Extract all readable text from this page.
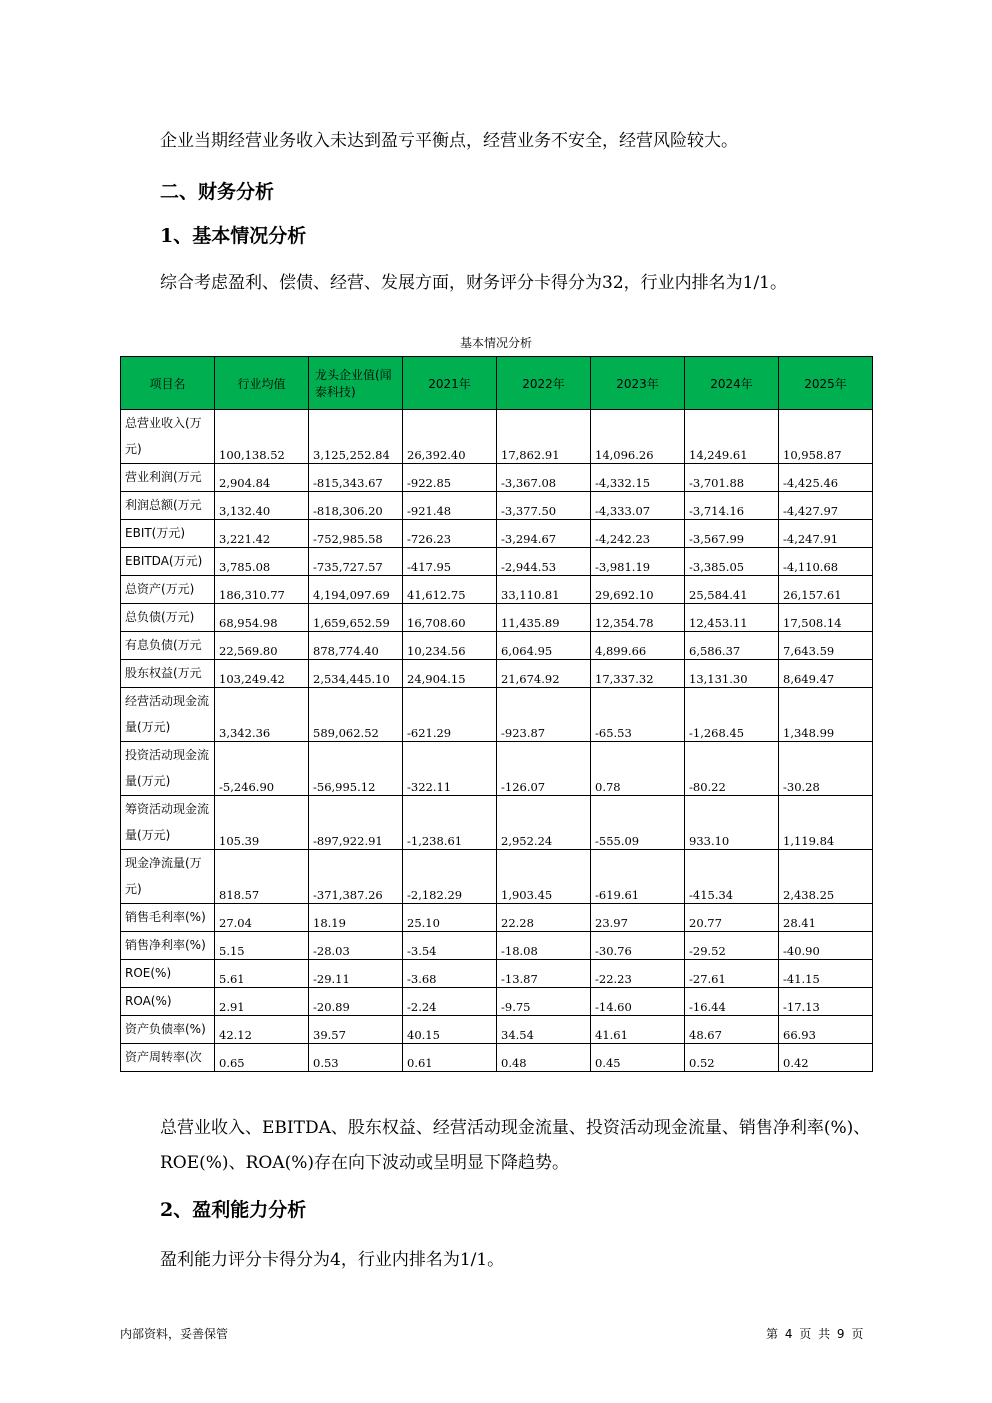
企业当期经营业务收入未达到盈亏平衡点，经营业务不安全，经营风险较大。
二、财务分析
1、基本情况分析
综合考虑盈利、偿债、经营、发展方面，财务评分卡得分为32，行业内排名为1/1。
基本情况分析
项目名	行业均值	龙头企业值(闻泰科技)	2021年	2022年	2023年	2024年	2025年
总营业收入(万元)	100,138.52	3,125,252.84	26,392.40	17,862.91	14,096.26	14,249.61	10,958.87
营业利润(万元	2,904.84	-815,343.67	-922.85	-3,367.08	-4,332.15	-3,701.88	-4,425.46
利润总额(万元	3,132.40	-818,306.20	-921.48	-3,377.50	-4,333.07	-3,714.16	-4,427.97
EBIT(万元)	3,221.42	-752,985.58	-726.23	-3,294.67	-4,242.23	-3,567.99	-4,247.91
EBITDA(万元)	3,785.08	-735,727.57	-417.95	-2,944.53	-3,981.19	-3,385.05	-4,110.68
总资产(万元)	186,310.77	4,194,097.69	41,612.75	33,110.81	29,692.10	25,584.41	26,157.61
总负债(万元)	68,954.98	1,659,652.59	16,708.60	11,435.89	12,354.78	12,453.11	17,508.14
有息负债(万元	22,569.80	878,774.40	10,234.56	6,064.95	4,899.66	6,586.37	7,643.59
股东权益(万元	103,249.42	2,534,445.10	24,904.15	21,674.92	17,337.32	13,131.30	8,649.47
经营活动现金流量(万元)	3,342.36	589,062.52	-621.29	-923.87	-65.53	-1,268.45	1,348.99
投资活动现金流量(万元)	-5,246.90	-56,995.12	-322.11	-126.07	0.78	-80.22	-30.28
筹资活动现金流量(万元)	105.39	-897,922.91	-1,238.61	2,952.24	-555.09	933.10	1,119.84
现金净流量(万元)	818.57	-371,387.26	-2,182.29	1,903.45	-619.61	-415.34	2,438.25
销售毛利率(%)	27.04	18.19	25.10	22.28	23.97	20.77	28.41
销售净利率(%)	5.15	-28.03	-3.54	-18.08	-30.76	-29.52	-40.90
ROE(%)	5.61	-29.11	-3.68	-13.87	-22.23	-27.61	-41.15
ROA(%)	2.91	-20.89	-2.24	-9.75	-14.60	-16.44	-17.13
资产负债率(%)	42.12	39.57	40.15	34.54	41.61	48.67	66.93
资产周转率(次	0.65	0.53	0.61	0.48	0.45	0.52	0.42
总营业收入、EBITDA、股东权益、经营活动现金流量、投资活动现金流量、销售净利率(%)、ROE(%)、ROA(%)存在向下波动或呈明显下降趋势。
2、盈利能力分析
盈利能力评分卡得分为4，行业内排名为1/1。
内部资料，妥善保管	第 4 页 共 9 页
